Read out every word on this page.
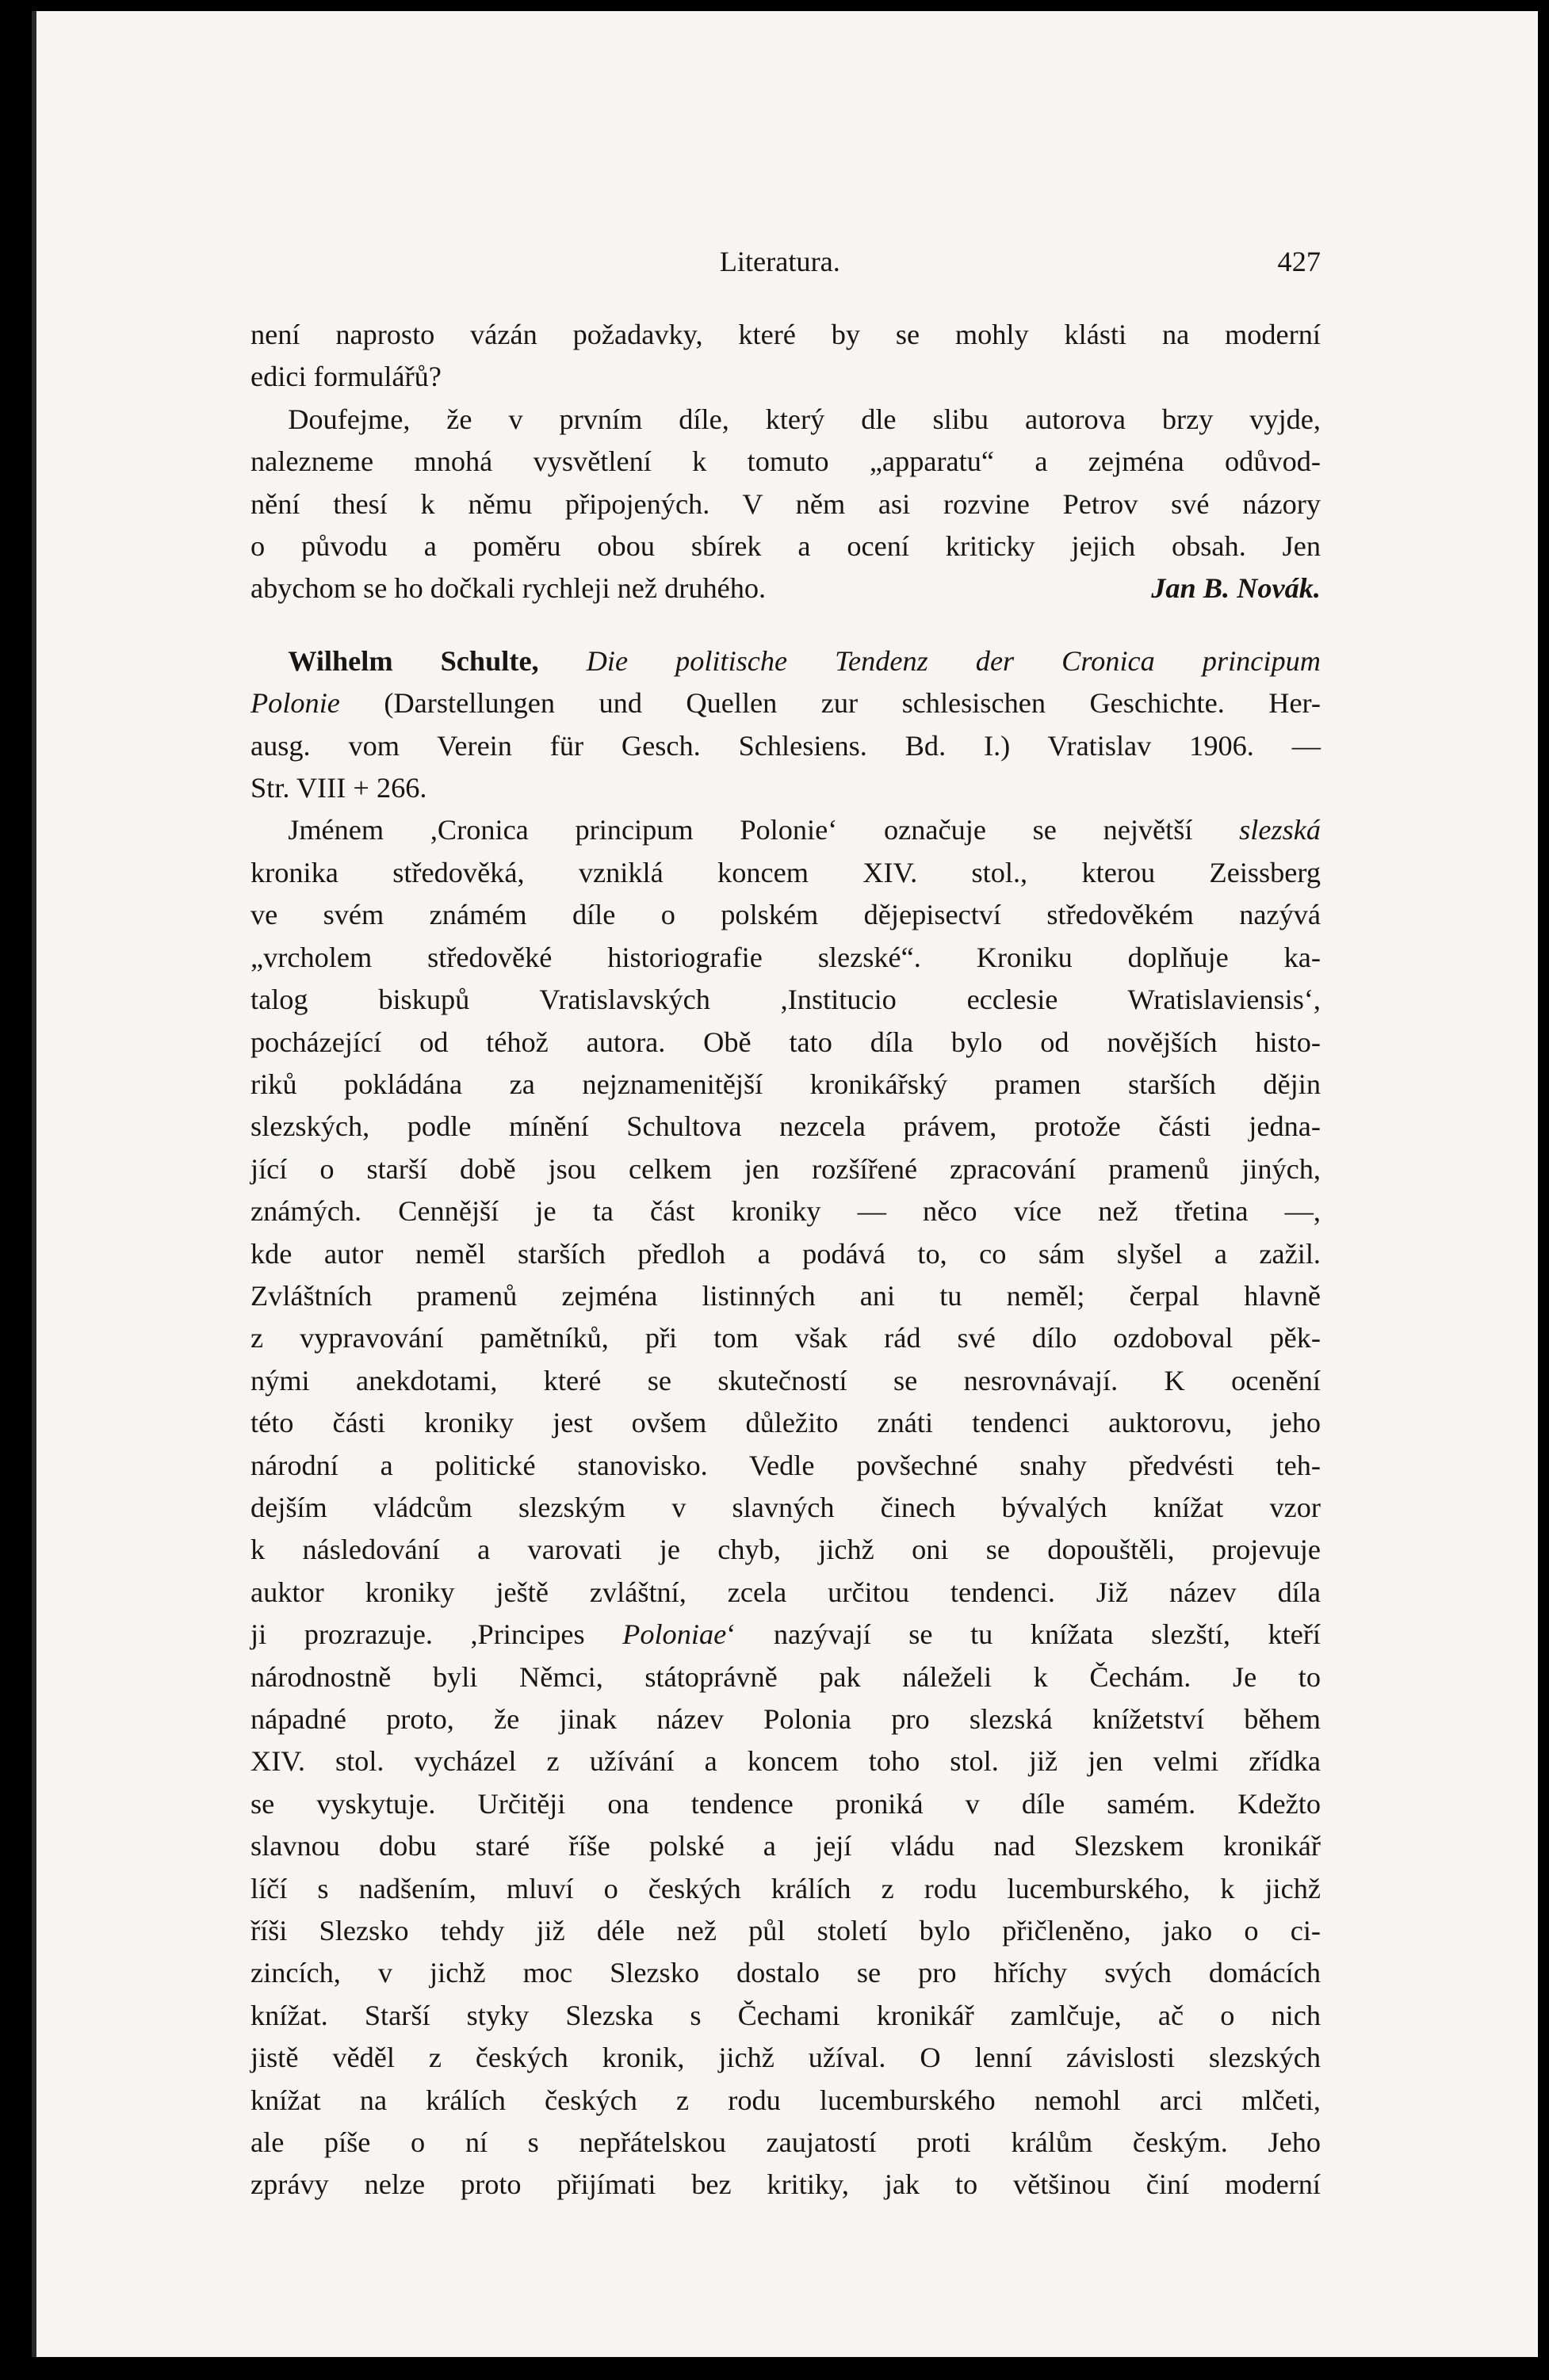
Literatura.	427
není naprosto vázán požadavky, které by se mohly klásti na moderní
edici formulářů?
Doufejme, že v prvním díle, který dle slibu autorova brzy vyjde,
nalezneme mnohá vysvětlení k tomuto „apparatu“ a zejména odůvod-
nění thesí k němu připojených. V něm asi rozvine Petrov své názory
o původu a poměru obou sbírek a ocení kriticky jejich obsah. Jen
abychom se ho dočkali rychleji než druhého.	Jan B. Novák.
Wilhelm Schulte, Die politische Tendenz der Cronica principum
Polonie (Darstellungen und Quellen zur schlesischen Geschichte. Her-
ausg. vom Verein für Gesch. Schlesiens. Bd. I.) Vratislav 1906. —
Str. VIII + 266.
Jménem ,Cronica principum Polonie‘ označuje se největší slezská
kronika středověká, vzniklá koncem XIV. stol., kterou Zeissberg
ve svém známém díle o polském dějepisectví středověkém nazývá
„vrcholem středověké historiografie slezské“. Kroniku doplňuje ka-
talog biskupů Vratislavských ,Institucio ecclesie Wratislaviensis‘,
pocházející od téhož autora. Obě tato díla bylo od novějších histo-
riků pokládána za nejznamenitější kronikářský pramen starších dějin
slezských, podle mínění Schultova nezcela právem, protože části jedna-
jící o starší době jsou celkem jen rozšířené zpracování pramenů jiných,
známých. Cennější je ta část kroniky — něco více než třetina —,
kde autor neměl starších předloh a podává to, co sám slyšel a zažil.
Zvláštních pramenů zejména listinných ani tu neměl; čerpal hlavně
z vypravování pamětníků, při tom však rád své dílo ozdoboval pěk-
nými anekdotami, které se skutečností se nesrovnávají. K ocenění
této části kroniky jest ovšem důležito znáti tendenci auktorovu, jeho
národní a politické stanovisko. Vedle povšechné snahy předvésti teh-
dejším vládcům slezským v slavných činech bývalých knížat vzor
k následování a varovati je chyb, jichž oni se dopouštěli, projevuje
auktor kroniky ještě zvláštní, zcela určitou tendenci. Již název díla
ji prozrazuje. ,Principes Poloniae‘ nazývají se tu knížata slezští, kteří
národnostně byli Němci, státoprávně pak náleželi k Čechám. Je to
nápadné proto, že jinak název Polonia pro slezská knížetství během
XIV. stol. vycházel z užívání a koncem toho stol. již jen velmi zřídka
se vyskytuje. Určitěji ona tendence proniká v díle samém. Kdežto
slavnou dobu staré říše polské a její vládu nad Slezskem kronikář
líčí s nadšením, mluví o českých králích z rodu lucemburského, k jichž
říši Slezsko tehdy již déle než půl století bylo přičleněno, jako o ci-
zincích, v jichž moc Slezsko dostalo se pro hříchy svých domácích
knížat. Starší styky Slezska s Čechami kronikář zamlčuje, ač o nich
jistě věděl z českých kronik, jichž užíval. O lenní závislosti slezských
knížat na králích českých z rodu lucemburského nemohl arci mlčeti,
ale píše o ní s nepřátelskou zaujatostí proti králům českým. Jeho
zprávy nelze proto přijímati bez kritiky, jak to většinou činí moderní
